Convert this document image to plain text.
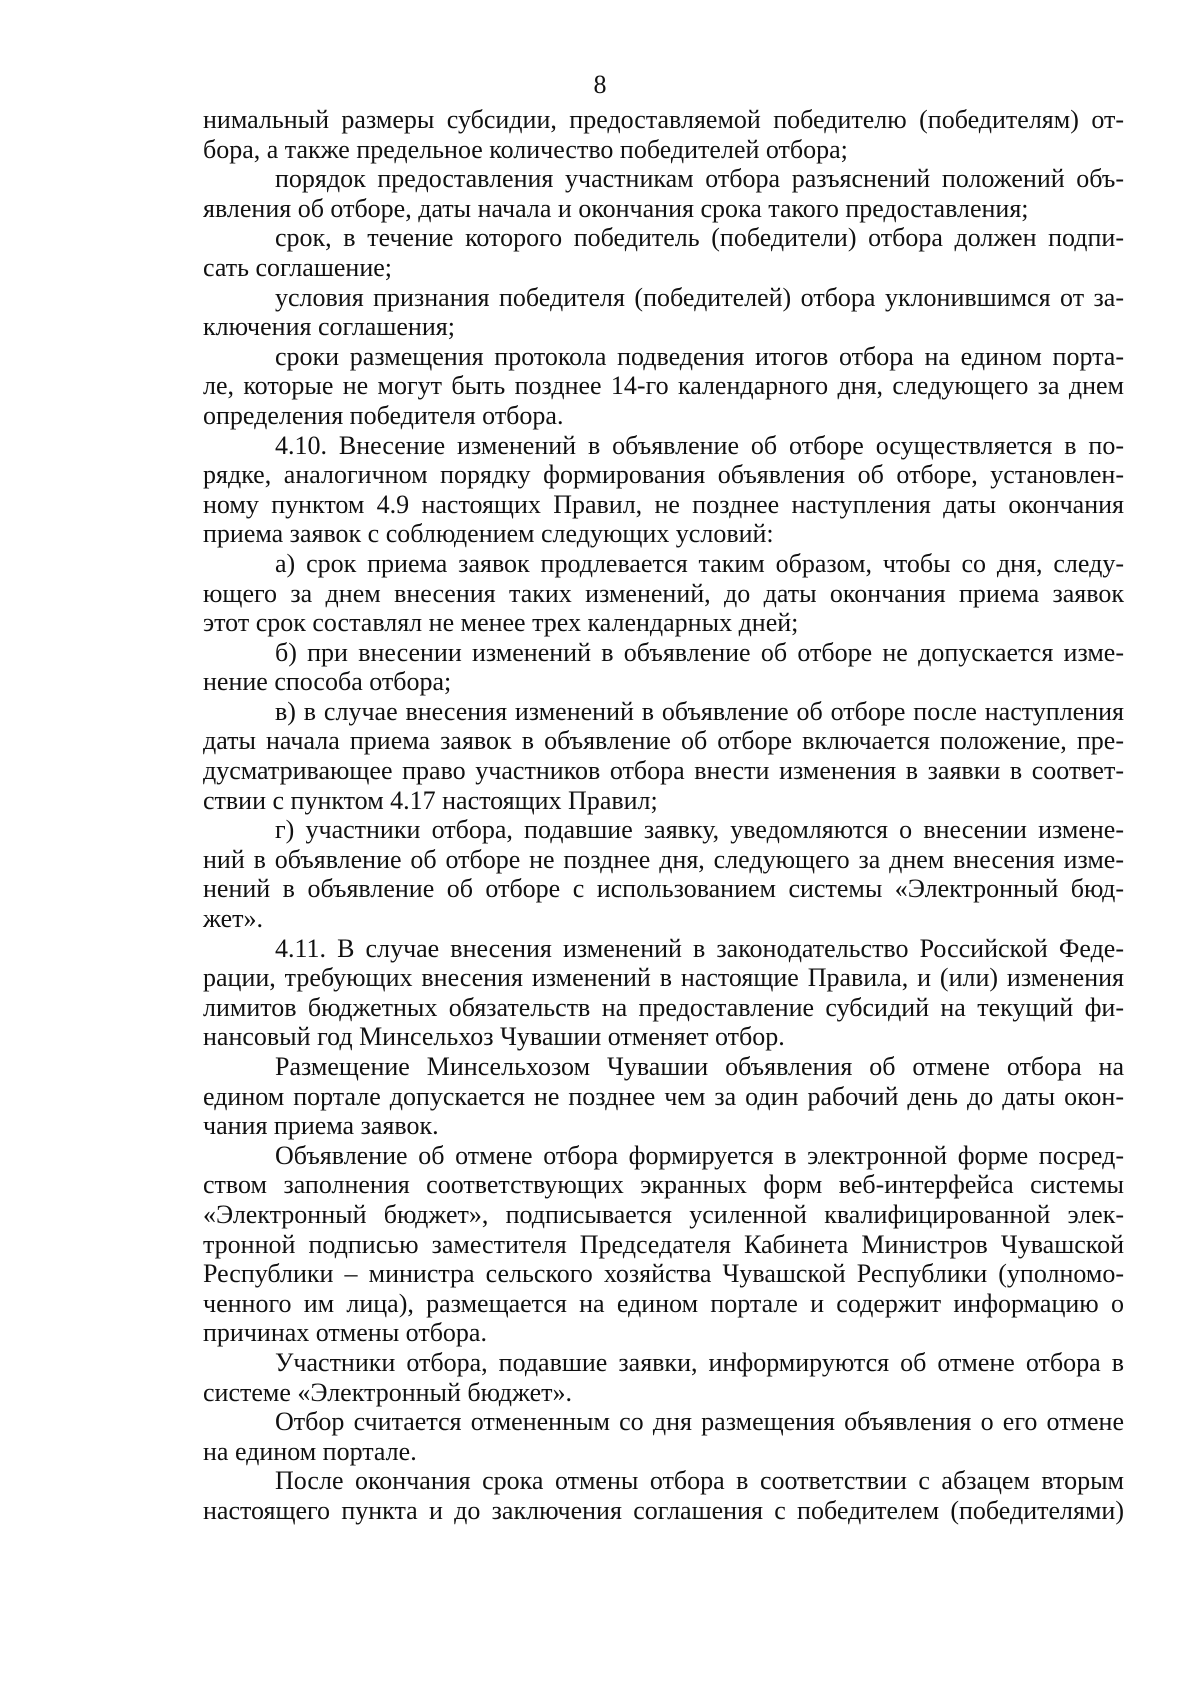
8

нимальный размеры субсидии, предоставляемой победителю (победителям) от-

бора, а также предельное количество победителей отбора;

порядок предоставления участникам отбора разъяснений положений объ-

явления об отборе, даты начала и окончания срока такого предоставления;

срок, в течение которого победитель (победители) отбора должен подпи-

сать соглашение;

условия признания победителя (победителей) отбора уклонившимся от за-

ключения соглашения;

сроки размещения протокола подведения итогов отбора на едином порта-

ле, которые не могут быть позднее 14-го календарного дня, следующего за днем

определения победителя отбора.

4.10. Внесение изменений в объявление об отборе осуществляется в по-

рядке, аналогичном порядку формирования объявления об отборе, установлен-

ному пунктом 4.9 настоящих Правил, не позднее наступления даты окончания

приема заявок с соблюдением следующих условий:

а) срок приема заявок продлевается таким образом, чтобы со дня, следу-

ющего за днем внесения таких изменений, до даты окончания приема заявок

этот срок составлял не менее трех календарных дней;

б) при внесении изменений в объявление об отборе не допускается изме-

нение способа отбора;

в) в случае внесения изменений в объявление об отборе после наступления

даты начала приема заявок в объявление об отборе включается положение, пре-

дусматривающее право участников отбора внести изменения в заявки в соответ-

ствии с пунктом 4.17 настоящих Правил;

г) участники отбора, подавшие заявку, уведомляются о внесении измене-

ний в объявление об отборе не позднее дня, следующего за днем внесения изме-

нений в объявление об отборе с использованием системы «Электронный бюд-

жет».

4.11. В случае внесения изменений в законодательство Российской Феде-

рации, требующих внесения изменений в настоящие Правила, и (или) изменения

лимитов бюджетных обязательств на предоставление субсидий на текущий фи-

нансовый год Минсельхоз Чувашии отменяет отбор.

Размещение Минсельхозом Чувашии объявления об отмене отбора на

едином портале допускается не позднее чем за один рабочий день до даты окон-

чания приема заявок.

Объявление об отмене отбора формируется в электронной форме посред-

ством заполнения соответствующих экранных форм веб-интерфейса системы

«Электронный бюджет», подписывается усиленной квалифицированной элек-

тронной подписью заместителя Председателя Кабинета Министров Чувашской

Республики – министра сельского хозяйства Чувашской Республики (уполномо-

ченного им лица), размещается на едином портале и содержит информацию о

причинах отмены отбора.

Участники отбора, подавшие заявки, информируются об отмене отбора в

системе «Электронный бюджет».

Отбор считается отмененным со дня размещения объявления о его отмене

на едином портале.

После окончания срока отмены отбора в соответствии с абзацем вторым

настоящего пункта и до заключения соглашения с победителем (победителями)
